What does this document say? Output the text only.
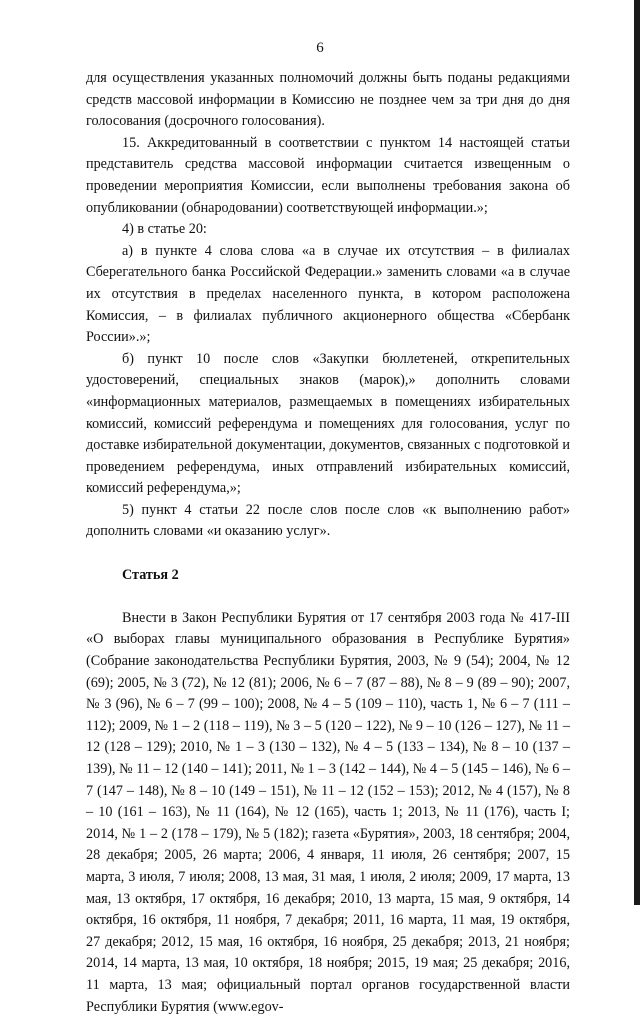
6

для осуществления указанных полномочий должны быть поданы редакциями средств массовой информации в Комиссию не позднее чем за три дня до дня голосования (досрочного голосования).

15. Аккредитованный в соответствии с пунктом 14 настоящей статьи представитель средства массовой информации считается извещенным о проведении мероприятия Комиссии, если выполнены требования закона об опубликовании (обнародовании) соответствующей информации.»;

4) в статье 20:

а) в пункте 4 слова слова «а в случае их отсутствия – в филиалах Сберегательного банка Российской Федерации.» заменить словами «а в случае их отсутствия в пределах населенного пункта, в котором расположена Комиссия, – в филиалах публичного акционерного общества «Сбербанк России».»;

б) пункт 10 после слов «Закупки бюллетеней, открепительных удостоверений, специальных знаков (марок),» дополнить словами «информационных материалов, размещаемых в помещениях избирательных комиссий, комиссий референдума и помещениях для голосования, услуг по доставке избирательной документации, документов, связанных с подготовкой и проведением референдума, иных отправлений избирательных комиссий, комиссий референдума,»;

5) пункт 4 статьи 22 после слов после слов «к выполнению работ» дополнить словами «и оказанию услуг».

Статья 2

Внести в Закон Республики Бурятия от 17 сентября 2003 года № 417-III «О выборах главы муниципального образования в Республике Бурятия» (Собрание законодательства Республики Бурятия, 2003, № 9 (54); 2004, № 12 (69); 2005, № 3 (72), № 12 (81); 2006, № 6 – 7 (87 – 88), № 8 – 9 (89 – 90); 2007, № 3 (96), № 6 – 7 (99 – 100); 2008, № 4 – 5 (109 – 110), часть 1, № 6 – 7 (111 – 112); 2009, № 1 – 2 (118 – 119), № 3 – 5 (120 – 122), № 9 – 10 (126 – 127), № 11 – 12 (128 – 129); 2010, № 1 – 3 (130 – 132), № 4 – 5 (133 – 134), № 8 – 10 (137 – 139), № 11 – 12 (140 – 141); 2011, № 1 – 3 (142 – 144), № 4 – 5 (145 – 146), № 6 – 7 (147 – 148), № 8 – 10 (149 – 151), № 11 – 12 (152 – 153); 2012, № 4 (157), № 8 – 10 (161 – 163), № 11 (164), № 12 (165), часть 1; 2013, № 11 (176), часть I; 2014, № 1 – 2 (178 – 179), № 5 (182); газета «Бурятия», 2003, 18 сентября; 2004, 28 декабря; 2005, 26 марта; 2006, 4 января, 11 июля, 26 сентября; 2007, 15 марта, 3 июля, 7 июля; 2008, 13 мая, 31 мая, 1 июля, 2 июля; 2009, 17 марта, 13 мая, 13 октября, 17 октября, 16 декабря; 2010, 13 марта, 15 мая, 9 октября, 14 октября, 16 октября, 11 ноября, 7 декабря; 2011, 16 марта, 11 мая, 19 октября, 27 декабря; 2012, 15 мая, 16 октября, 16 ноября, 25 декабря; 2013, 21 ноября; 2014, 14 марта, 13 мая, 10 октября, 18 ноября; 2015, 19 мая; 25 декабря; 2016, 11 марта, 13 мая; официальный портал органов государственной власти Республики Бурятия (www.egov-
